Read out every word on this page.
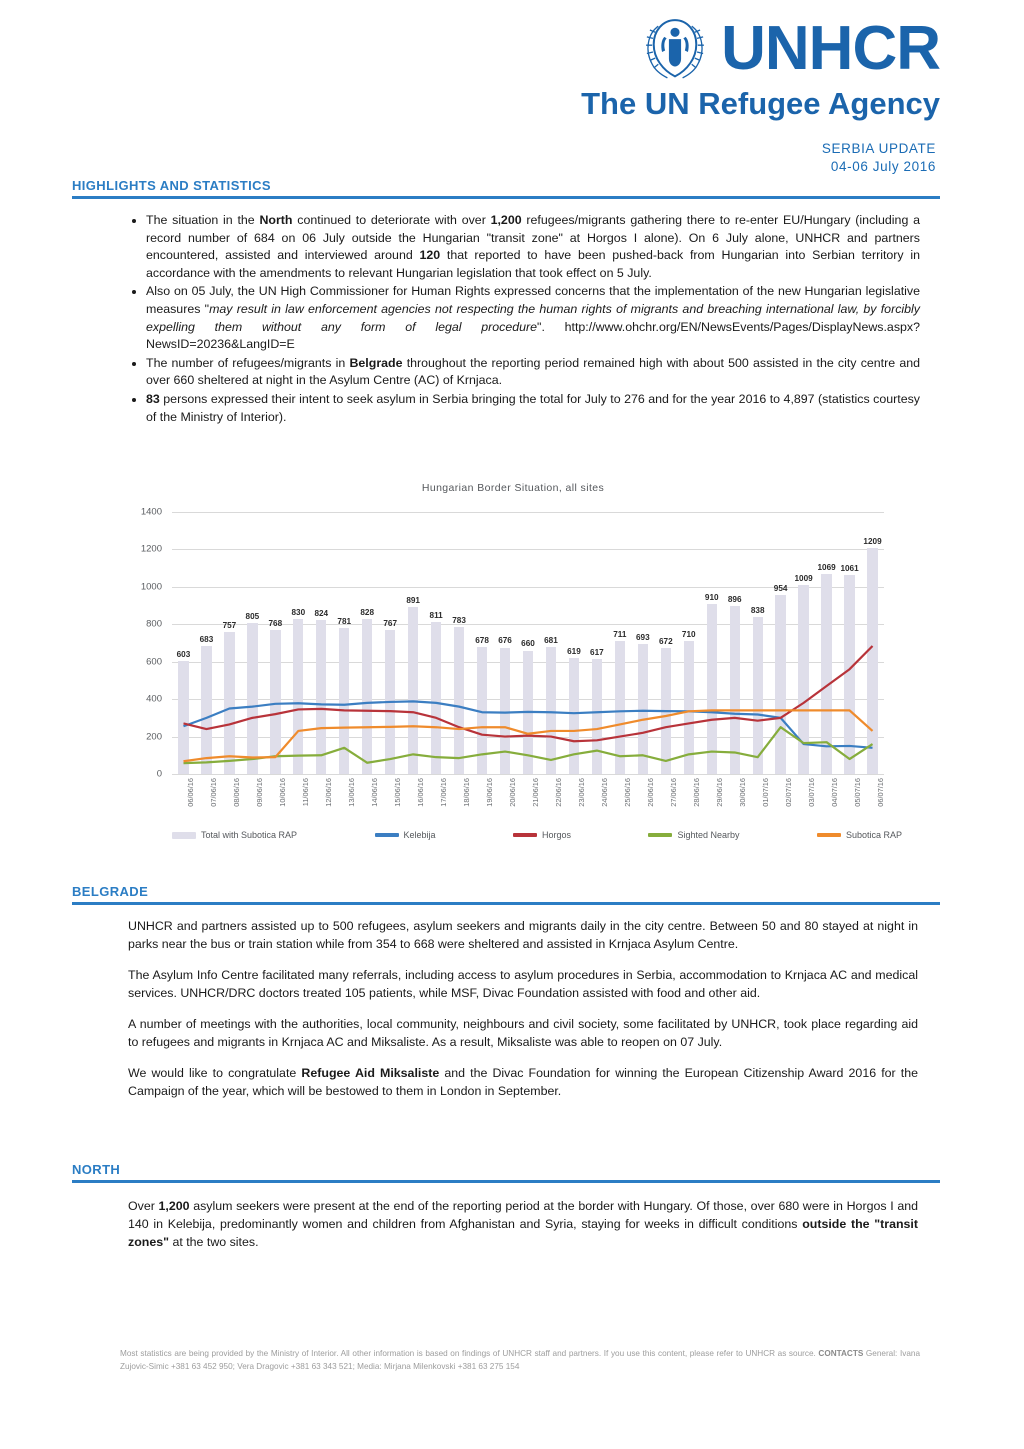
UNHCR
The UN Refugee Agency
SERBIA UPDATE
04-06 July 2016
HIGHLIGHTS AND STATISTICS
• The situation in the North continued to deteriorate with over 1,200 refugees/migrants gathering there to re-enter EU/Hungary (including a record number of 684 on 06 July outside the Hungarian "transit zone" at Horgos I alone). On 6 July alone, UNHCR and partners encountered, assisted and interviewed around 120 that reported to have been pushed-back from Hungarian into Serbian territory in accordance with the amendments to relevant Hungarian legislation that took effect on 5 July.
• Also on 05 July, the UN High Commissioner for Human Rights expressed concerns that the implementation of the new Hungarian legislative measures "may result in law enforcement agencies not respecting the human rights of migrants and breaching international law, by forcibly expelling them without any form of legal procedure". http://www.ohchr.org/EN/NewsEvents/Pages/DisplayNews.aspx?NewsID=20236&LangID=E
• The number of refugees/migrants in Belgrade throughout the reporting period remained high with about 500 assisted in the city centre and over 660 sheltered at night in the Asylum Centre (AC) of Krnjaca.
• 83 persons expressed their intent to seek asylum in Serbia bringing the total for July to 276 and for the year 2016 to 4,897 (statistics courtesy of the Ministry of Interior).
Hungarian Border Situation, all sites
0
200
400
600
800
1000
1200
1400
603
683
757
805
768
830 824
781
828
767
891
811
783
678 676 660 681
619 617
711 693 672
710
910 896
838
954
1009
1069 1061
1209
06/06/16 07/06/16 08/06/16 09/06/16 10/06/16 11/06/16 12/06/16 13/06/16 14/06/16 15/06/16 16/06/16 17/06/16 18/06/16 19/06/16 20/06/16 21/06/16 22/06/16 23/06/16 24/06/16 25/06/16 26/06/16 27/06/16 28/06/16 29/06/16 30/06/16 01/07/16 02/07/16 03/07/16 04/07/16 05/07/16 06/07/16
Total with Subotica RAP	Kelebija	Horgos	Sighted Nearby	Subotica RAP
BELGRADE

UNHCR and partners assisted up to 500 refugees, asylum seekers and migrants daily in the city centre. Between 50 and 80 stayed at night in parks near the bus or train station while from 354 to 668 were sheltered and assisted in Krnjaca Asylum Centre.

The Asylum Info Centre facilitated many referrals, including access to asylum procedures in Serbia, accommodation to Krnjaca AC and medical services. UNHCR/DRC doctors treated 105 patients, while MSF, Divac Foundation assisted with food and other aid.

A number of meetings with the authorities, local community, neighbours and civil society, some facilitated by UNHCR, took place regarding aid to refugees and migrants in Krnjaca AC and Miksaliste. As a result, Miksaliste was able to reopen on 07 July.

We would like to congratulate Refugee Aid Miksaliste and the Divac Foundation for winning the European Citizenship Award 2016 for the Campaign of the year, which will be bestowed to them in London in September.

NORTH

Over 1,200 asylum seekers were present at the end of the reporting period at the border with Hungary. Of those, over 680 were in Horgos I and 140 in Kelebija, predominantly women and children from Afghanistan and Syria, staying for weeks in difficult conditions outside the "transit zones" at the two sites.

Most statistics are being provided by the Ministry of Interior. All other information is based on findings of UNHCR staff and partners. If you use this content, please refer to UNHCR as source. CONTACTS General: Ivana Zujovic-Simic +381 63 452 950; Vera Dragovic +381 63 343 521; Media: Mirjana Milenkovski +381 63 275 154
